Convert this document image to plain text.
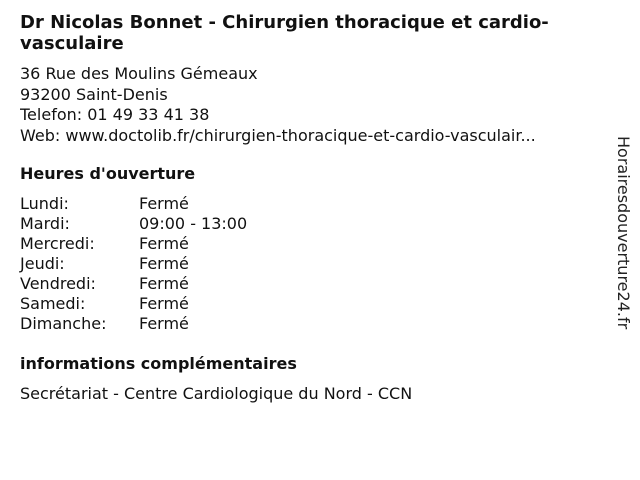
Dr Nicolas Bonnet - Chirurgien thoracique et cardio-vasculaire
36 Rue des Moulins Gémeaux
93200 Saint-Denis
Telefon: 01 49 33 41 38
Web: www.doctolib.fr/chirurgien-thoracique-et-cardio-vasculair...
Heures d'ouverture
Lundi:	Fermé
Mardi:	09:00 - 13:00
Mercredi:	Fermé
Jeudi:	Fermé
Vendredi:	Fermé
Samedi:	Fermé
Dimanche:	Fermé
informations complémentaires
Secrétariat - Centre Cardiologique du Nord - CCN
Horairesdouverture24.fr
